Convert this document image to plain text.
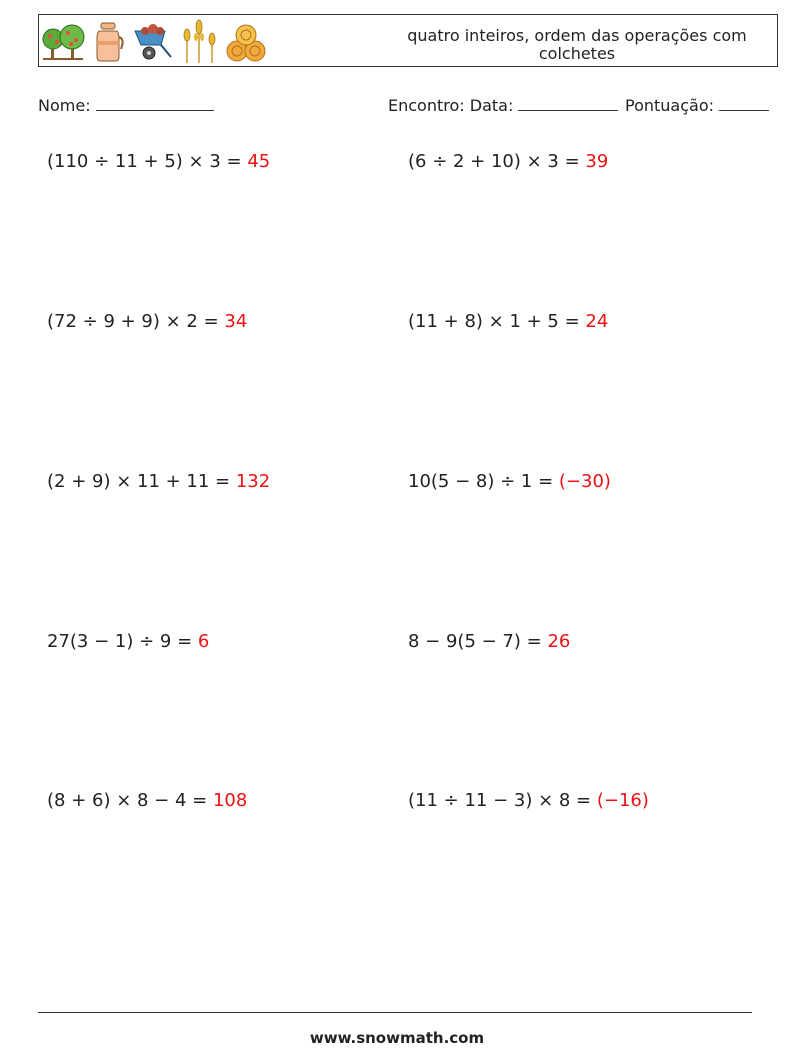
quatro inteiros, ordem das operações com colchetes
Nome:	Encontro: Data:	Pontuação:
(110 ÷ 11 + 5) × 3 = 45	(6 ÷ 2 + 10) × 3 = 39
(72 ÷ 9 + 9) × 2 = 34	(11 + 8) × 1 + 5 = 24
(2 + 9) × 11 + 11 = 132	10(5 − 8) ÷ 1 = (−30)
27(3 − 1) ÷ 9 = 6	8 − 9(5 − 7) = 26
(8 + 6) × 8 − 4 = 108	(11 ÷ 11 − 3) × 8 = (−16)
www.snowmath.com
